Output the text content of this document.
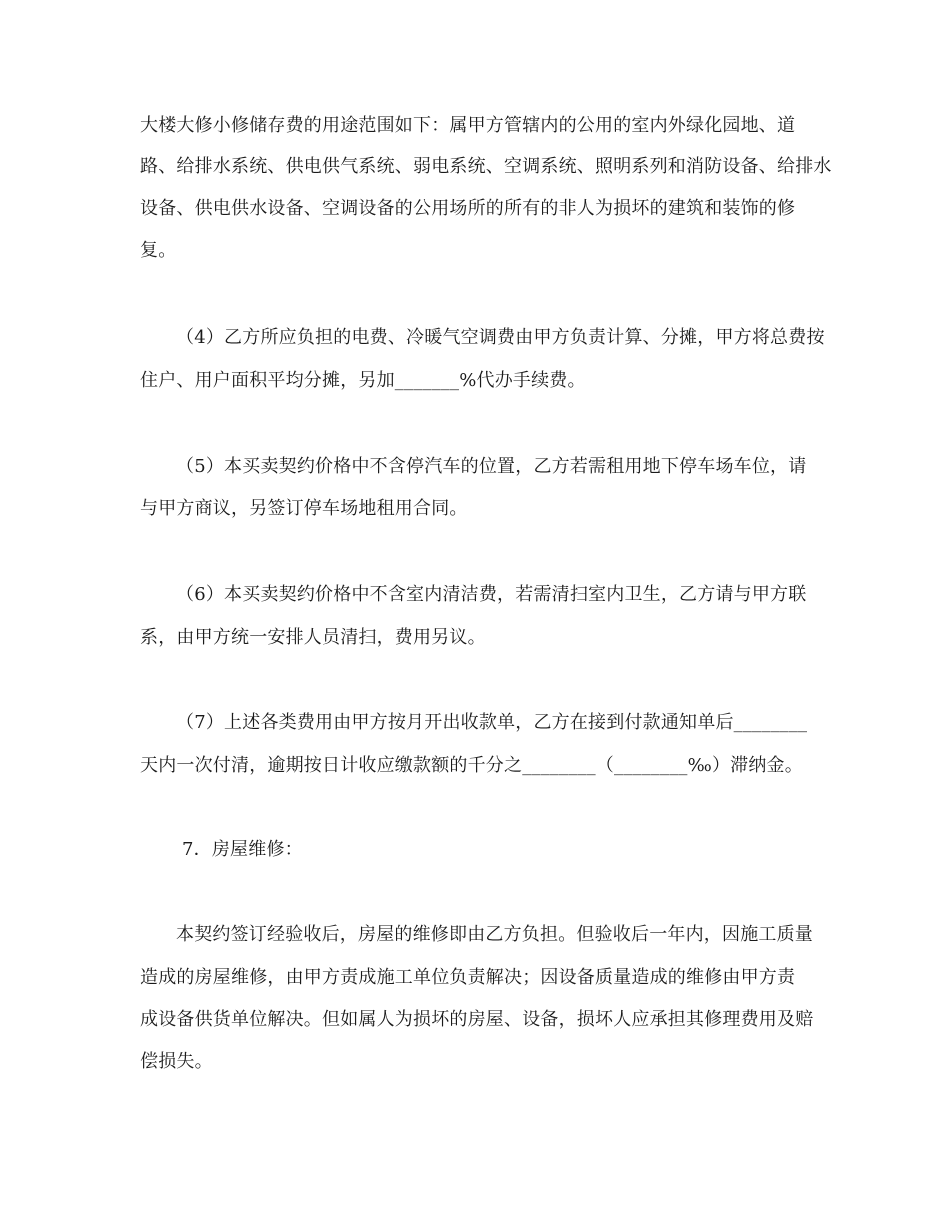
大楼大修小修储存费的用途范围如下：属甲方管辖内的公用的室内外绿化园地、道
路、给排水系统、供电供气系统、弱电系统、空调系统、照明系列和消防设备、给排水
设备、供电供水设备、空调设备的公用场所的所有的非人为损坏的建筑和装饰的修
复。
（4）乙方所应负担的电费、冷暖气空调费由甲方负责计算、分摊，甲方将总费按
住户、用户面积平均分摊，另加_______%代办手续费。
（5）本买卖契约价格中不含停汽车的位置，乙方若需租用地下停车场车位，请
与甲方商议，另签订停车场地租用合同。
（6）本买卖契约价格中不含室内清洁费，若需清扫室内卫生，乙方请与甲方联
系，由甲方统一安排人员清扫，费用另议。
（7）上述各类费用由甲方按月开出收款单，乙方在接到付款通知单后________
天内一次付清，逾期按日计收应缴款额的千分之________（________‰）滞纳金。
7．房屋维修：
本契约签订经验收后，房屋的维修即由乙方负担。但验收后一年内，因施工质量
造成的房屋维修，由甲方责成施工单位负责解决；因设备质量造成的维修由甲方责
成设备供货单位解决。但如属人为损坏的房屋、设备，损坏人应承担其修理费用及赔
偿损失。
